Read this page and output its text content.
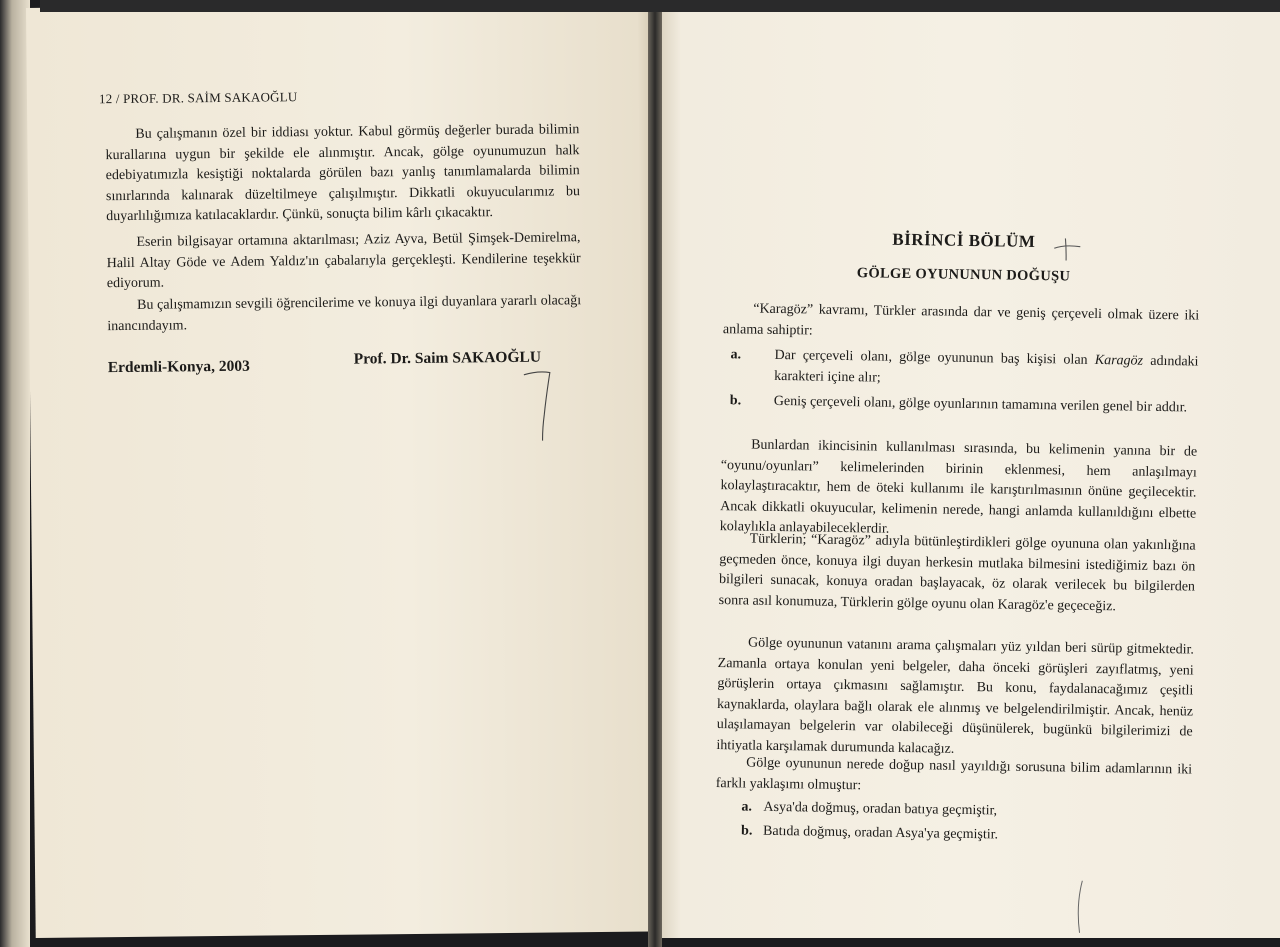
12 / PROF. DR. SAİM SAKAOĞLU

Bu çalışmanın özel bir iddiası yoktur. Kabul görmüş değerler burada bilimin kurallarına uygun bir şekilde ele alınmıştır. Ancak, gölge oyunumuzun halk edebiyatımızla kesiştiği noktalarda görülen bazı yanlış tanımlamalarda bilimin sınırlarında kalınarak düzeltilmeye çalışılmıştır. Dikkatli okuyucularımız bu duyarlılığımıza katılacaklardır. Çünkü, sonuçta bilim kârlı çıkacaktır.

Eserin bilgisayar ortamına aktarılması; Aziz Ayva, Betül Şimşek-Demirelma, Halil Altay Göde ve Adem Yaldız'ın çabalarıyla gerçekleşti. Kendilerine teşekkür ediyorum.

Bu çalışmamızın sevgili öğrencilerime ve konuya ilgi duyanlara yararlı olacağı inancındayım.

Erdemli-Konya, 2003	Prof. Dr. Saim SAKAOĞLU
BİRİNCİ BÖLÜM
GÖLGE OYUNUNUN DOĞUŞU

“Karagöz” kavramı, Türkler arasında dar ve geniş çerçeveli olmak üzere iki anlama sahiptir:

a. Dar çerçeveli olanı, gölge oyununun baş kişisi olan Karagöz adındaki karakteri içine alır;
b. Geniş çerçeveli olanı, gölge oyunlarının tamamına verilen genel bir addır.

Bunlardan ikincisinin kullanılması sırasında, bu kelimenin yanına bir de “oyunu/oyunları” kelimelerinden birinin eklenmesi, hem anlaşılmayı kolaylaştıracaktır, hem de öteki kullanımı ile karıştırılmasının önüne geçilecektir. Ancak dikkatli okuyucular, kelimenin nerede, hangi anlamda kullanıldığını elbette kolaylıkla anlayabileceklerdir.

Türklerin; “Karagöz” adıyla bütünleştirdikleri gölge oyununa olan yakınlığına geçmeden önce, konuya ilgi duyan herkesin mutlaka bilmesini istediğimiz bazı ön bilgileri sunacak, konuya oradan başlayacak, öz olarak verilecek bu bilgilerden sonra asıl konumuza, Türklerin gölge oyunu olan Karagöz'e geçeceğiz.

Gölge oyununun vatanını arama çalışmaları yüz yıldan beri sürüp gitmektedir. Zamanla ortaya konulan yeni belgeler, daha önceki görüşleri zayıflatmış, yeni görüşlerin ortaya çıkmasını sağlamıştır. Bu konu, faydalanacağımız çeşitli kaynaklarda, olaylara bağlı olarak ele alınmış ve belgelendirilmiştir. Ancak, henüz ulaşılamayan belgelerin var olabileceği düşünülerek, bugünkü bilgilerimizi de ihtiyatla karşılamak durumunda kalacağız.

Gölge oyununun nerede doğup nasıl yayıldığı sorusuna bilim adamlarının iki farklı yaklaşımı olmuştur:

a. Asya'da doğmuş, oradan batıya geçmiştir,
b. Batıda doğmuş, oradan Asya'ya geçmiştir.
